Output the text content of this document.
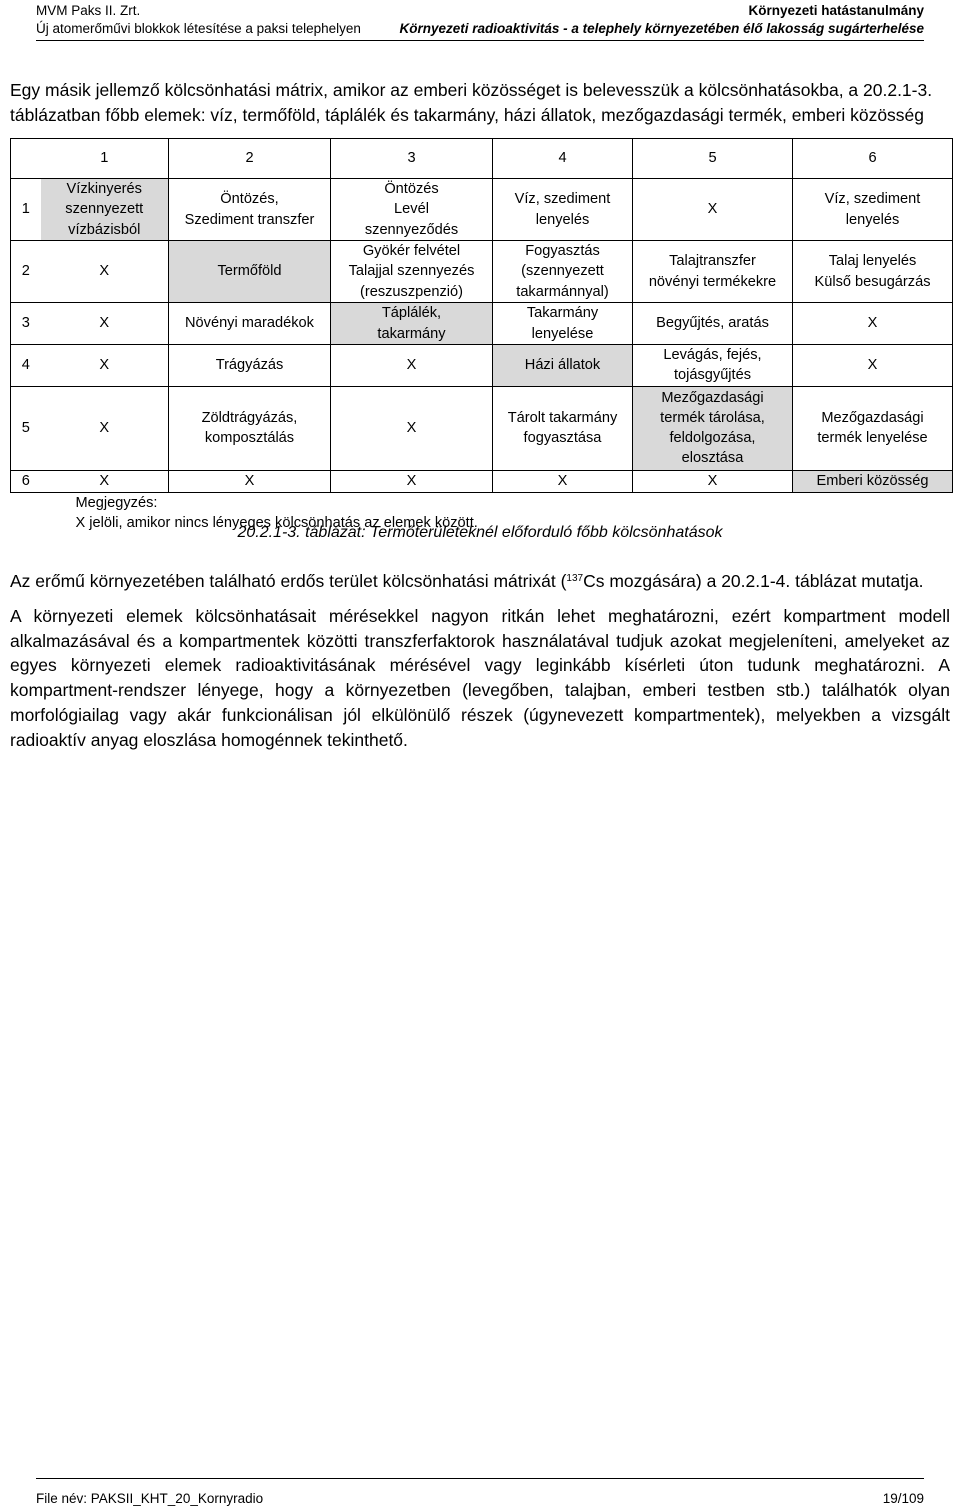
MVM Paks II. Zrt.
Új atomerőművi blokkok létesítése a paksi telephelyen
Környezeti hatástanulmány
Környezeti radioaktivitás - a telephely környezetében élő lakosság sugárterhelése
Egy másik jellemző kölcsönhatási mátrix, amikor az emberi közösséget is belevesszük a kölcsönhatásokba, a 20.2.1-3. táblázatban főbb elemek: víz, termőföld, táplálék és takarmány, házi állatok, mezőgazdasági termék, emberi közösség
	1	2	3	4	5	6
1	Vízkinyerés
szennyezett
vízbázisból	Öntözés,
Szediment transzfer	Öntözés
Levél
szennyeződés	Víz, szediment
lenyelés	X	Víz, szediment
lenyelés
2	X	Termőföld	Gyökér felvétel
Talajjal szennyezés
(reszuszpenzió)	Fogyasztás
(szennyezett
takarmánnyal)	Talajtranszfer
növényi termékekre	Talaj lenyelés
Külső besugárzás
3	X	Növényi maradékok	Táplálék,
takarmány	Takarmány
lenyelése	Begyűjtés, aratás	X
4	X	Trágyázás	X	Házi állatok	Levágás, fejés,
tojásgyűjtés	X
5	X	Zöldtrágyázás,
komposztálás	X	Tárolt takarmány
fogyasztása	Mezőgazdasági
termék tárolása,
feldolgozása,
elosztása	Mezőgazdasági
termék lenyelése
6	X	X	X	X	X	Emberi közösség

Megjegyzés:
X jelöli, amikor nincs lényeges kölcsönhatás az elemek között.						
20.2.1-3. táblázat: Termőterületeknél előforduló főbb kölcsönhatások
Az erőmű környezetében található erdős terület kölcsönhatási mátrixát ($^{137}$Cs mozgására) a 20.2.1-4. táblázat mutatja.
A környezeti elemek kölcsönhatásait mérésekkel nagyon ritkán lehet meghatározni, ezért kompartment modell alkalmazásával és a kompartmentek közötti transzferfaktorok használatával tudjuk azokat megjeleníteni, amelyeket az egyes környezeti elemek radioaktivitásának mérésével vagy leginkább kísérleti úton tudunk meghatározni. A kompartment-rendszer lényege, hogy a környezetben (levegőben, talajban, emberi testben stb.) találhatók olyan morfológiailag vagy akár funkcionálisan jól elkülönülő részek (úgynevezett kompartmentek), melyekben a vizsgált radioaktív anyag eloszlása homogénnek tekinthető.
File név: PAKSII_KHT_20_Kornyradio	19/109
